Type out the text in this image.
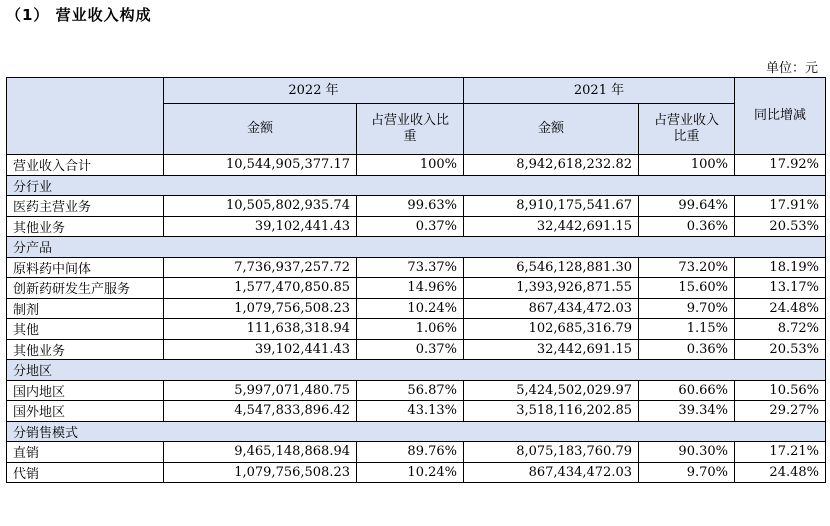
（1） 营业收入构成
单位：元
	2022 年		2021 年		同比增减
	金额	占营业收入比重	金额	占营业收入比重	
营业收入合计	10,544,905,377.17	100%	8,942,618,232.82	100%	17.92%
分行业					
医药主营业务	10,505,802,935.74	99.63%	8,910,175,541.67	99.64%	17.91%
其他业务	39,102,441.43	0.37%	32,442,691.15	0.36%	20.53%
分产品					
原料药中间体	7,736,937,257.72	73.37%	6,546,128,881.30	73.20%	18.19%
创新药研发生产服务	1,577,470,850.85	14.96%	1,393,926,871.55	15.60%	13.17%
制剂	1,079,756,508.23	10.24%	867,434,472.03	9.70%	24.48%
其他	111,638,318.94	1.06%	102,685,316.79	1.15%	8.72%
其他业务	39,102,441.43	0.37%	32,442,691.15	0.36%	20.53%
分地区					
国内地区	5,997,071,480.75	56.87%	5,424,502,029.97	60.66%	10.56%
国外地区	4,547,833,896.42	43.13%	3,518,116,202.85	39.34%	29.27%
分销售模式					
直销	9,465,148,868.94	89.76%	8,075,183,760.79	90.30%	17.21%
代销	1,079,756,508.23	10.24%	867,434,472.03	9.70%	24.48%
